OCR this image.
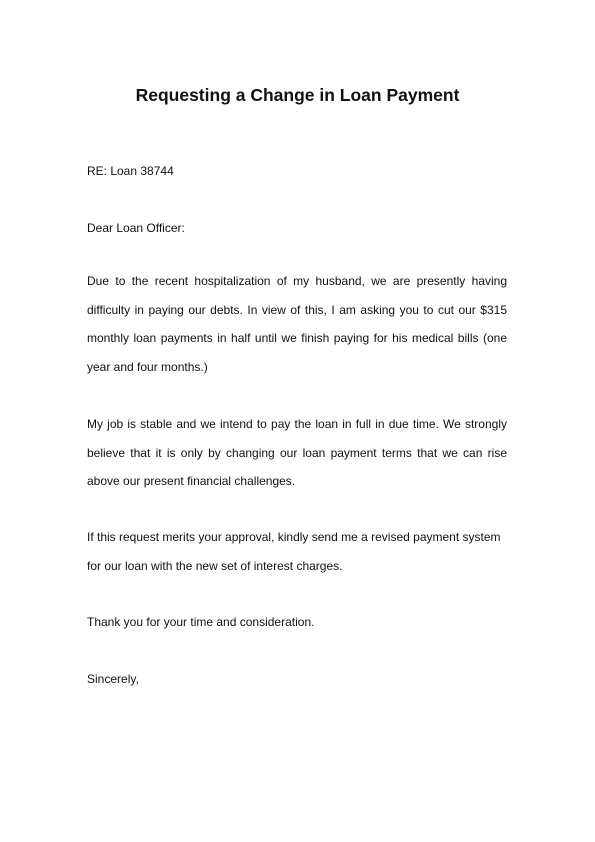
Requesting a Change in Loan Payment

RE: Loan 38744

Dear Loan Officer:

Due to the recent hospitalization of my husband, we are presently having difficulty in paying our debts. In view of this, I am asking you to cut our $315 monthly loan payments in half until we finish paying for his medical bills (one year and four months.)

My job is stable and we intend to pay the loan in full in due time. We strongly believe that it is only by changing our loan payment terms that we can rise above our present financial challenges.

If this request merits your approval, kindly send me a revised payment system for our loan with the new set of interest charges.

Thank you for your time and consideration.

Sincerely,
